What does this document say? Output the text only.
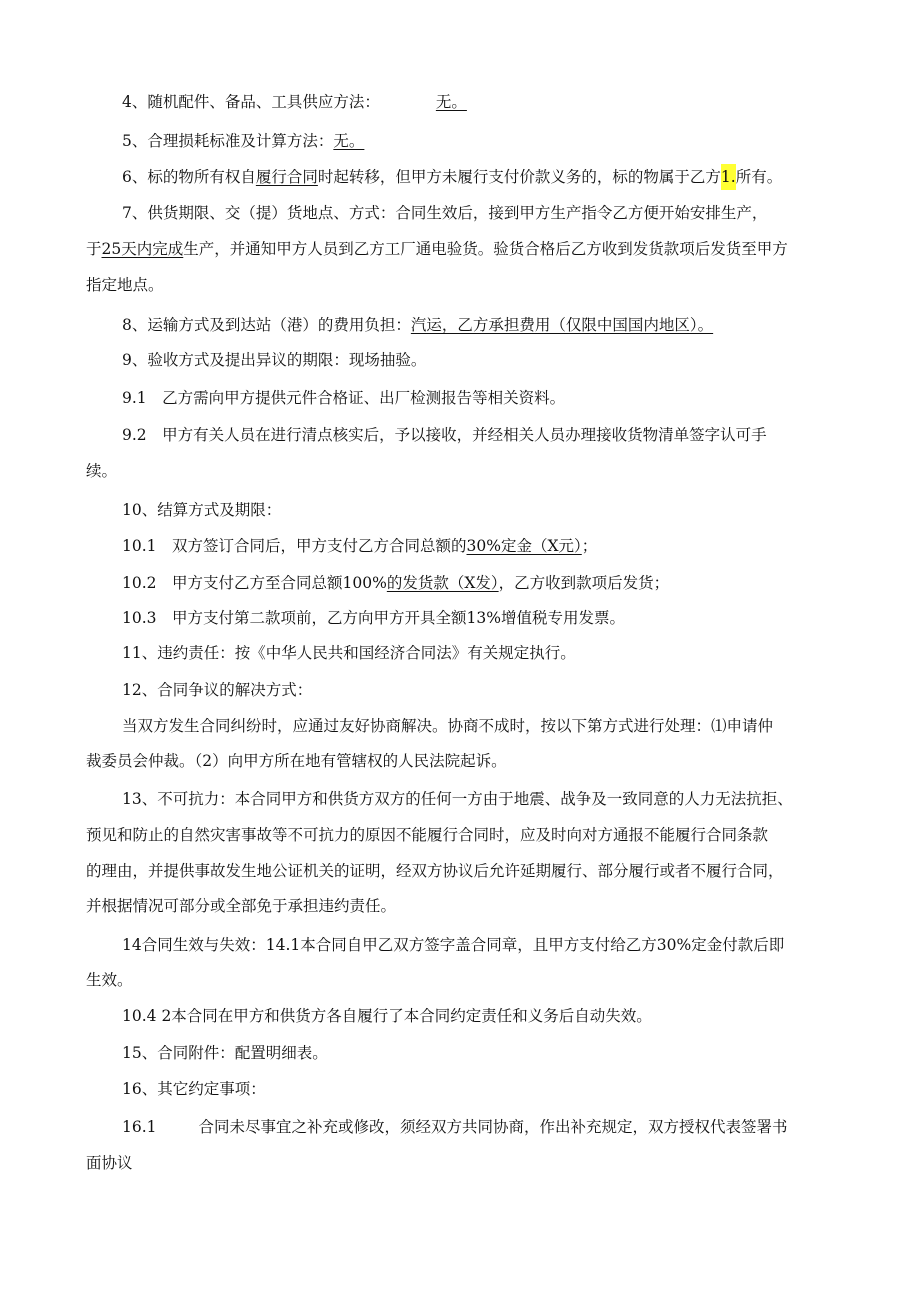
4、随机配件、备品、工具供应方法：	无。
5、合理损耗标准及计算方法：无。
6、标的物所有权自履行合同时起转移，但甲方未履行支付价款义务的，标的物属于乙方1.所有。
7、供货期限、交（提）货地点、方式：合同生效后，接到甲方生产指令乙方便开始安排生产，
于25天内完成生产，并通知甲方人员到乙方工厂通电验货。验货合格后乙方收到发货款项后发货至甲方
指定地点。
8、运输方式及到达站（港）的费用负担：汽运，乙方承担费用（仅限中国国内地区）。
9、验收方式及提出异议的期限：现场抽验。
9.1　乙方需向甲方提供元件合格证、出厂检测报告等相关资料。
9.2　甲方有关人员在进行清点核实后，予以接收，并经相关人员办理接收货物清单签字认可手
续。
10、结算方式及期限：
10.1　双方签订合同后，甲方支付乙方合同总额的30%定金（X元）；
10.2　甲方支付乙方至合同总额100%的发货款（X发），乙方收到款项后发货；
10.3　甲方支付第二款项前，乙方向甲方开具全额13%增值税专用发票。
11、违约责任：按《中华人民共和国经济合同法》有关规定执行。
12、合同争议的解决方式：
当双方发生合同纠纷时，应通过友好协商解决。协商不成时，按以下第方式进行处理：⑴申请仲
裁委员会仲裁。（2）向甲方所在地有管辖权的人民法院起诉。
13、不可抗力：本合同甲方和供货方双方的任何一方由于地震、战争及一致同意的人力无法抗拒、
预见和防止的自然灾害事故等不可抗力的原因不能履行合同时，应及时向对方通报不能履行合同条款
的理由，并提供事故发生地公证机关的证明，经双方协议后允许延期履行、部分履行或者不履行合同，
并根据情况可部分或全部免于承担违约责任。
14合同生效与失效：14.1本合同自甲乙双方签字盖合同章，且甲方支付给乙方30%定金付款后即
生效。
10.4 2本合同在甲方和供货方各自履行了本合同约定责任和义务后自动失效。
15、合同附件：配置明细表。
16、其它约定事项：
16.1	合同未尽事宜之补充或修改，须经双方共同协商，作出补充规定，双方授权代表签署书
面协议
